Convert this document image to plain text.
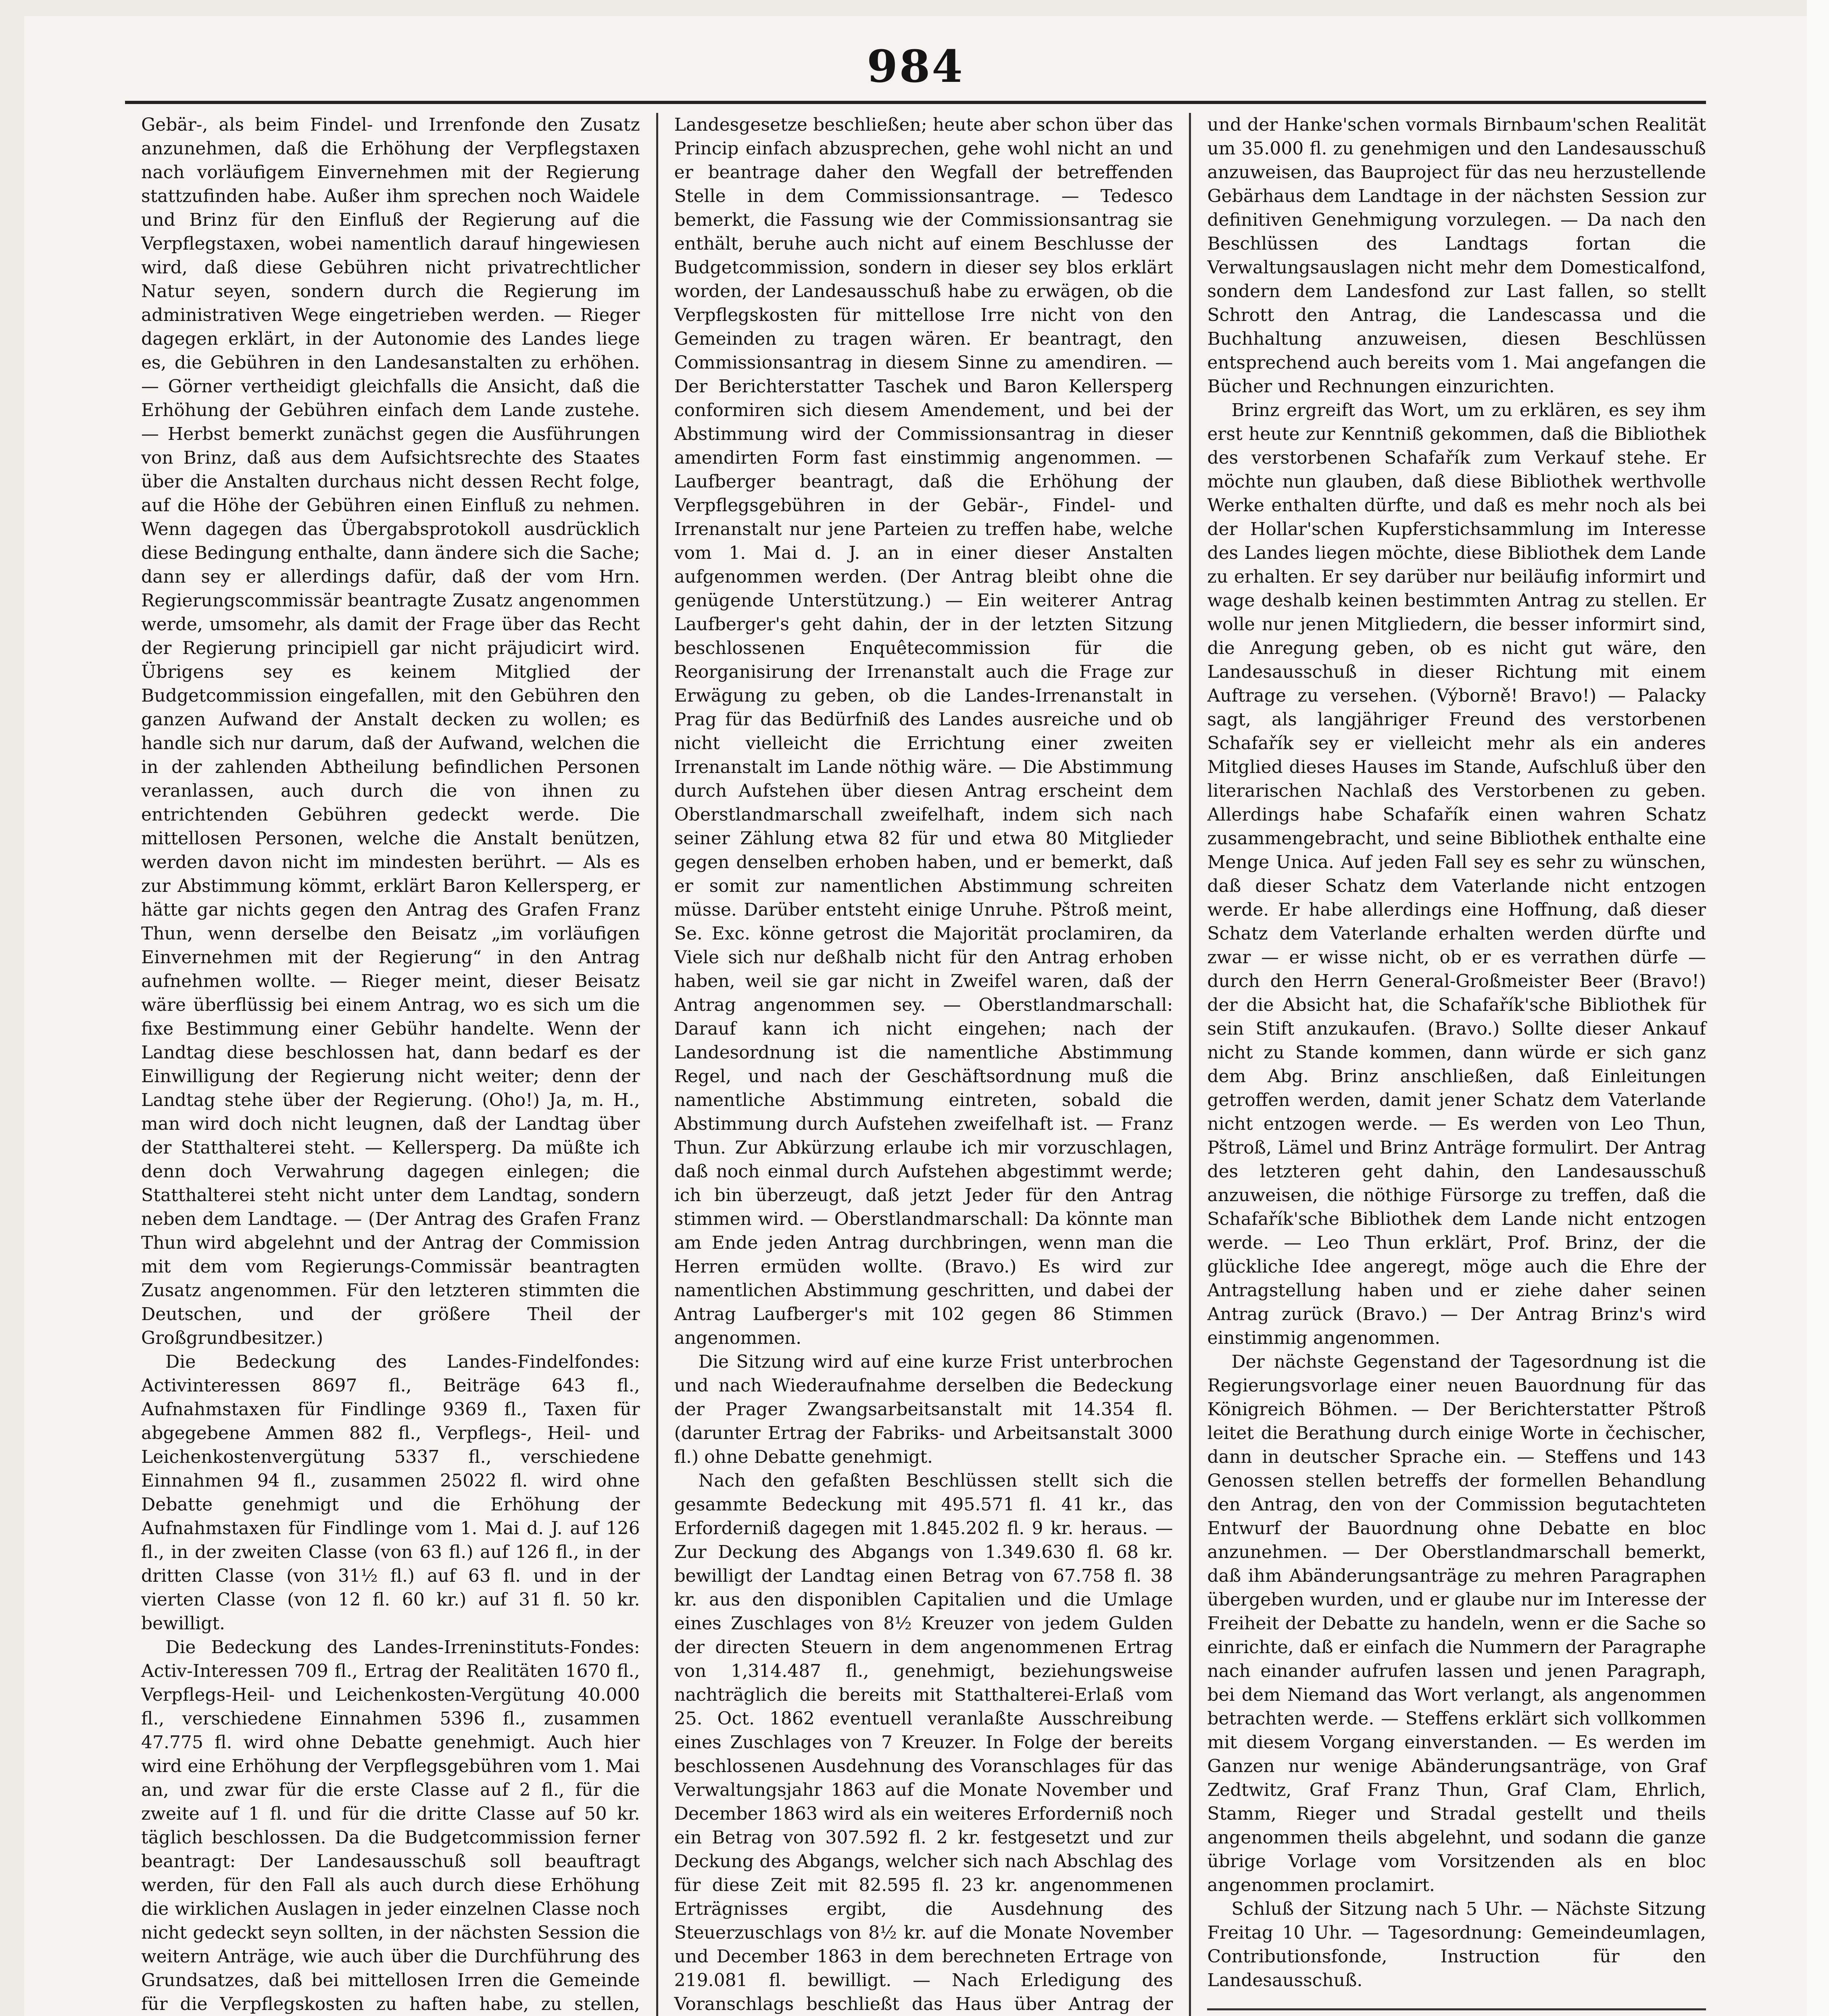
984

Gebär-, als beim Findel- und Irrenfonde den Zusatz anzunehmen, daß die Erhöhung der Verpflegstaxen nach vorläufigem Einvernehmen mit der Regierung stattzufinden habe. Außer ihm sprechen noch Waidele und Brinz für den Einfluß der Regierung auf die Verpflegstaxen, wobei namentlich darauf hingewiesen wird, daß diese Gebühren nicht privatrechtlicher Natur seyen, sondern durch die Regierung im administrativen Wege eingetrieben werden. — Rieger dagegen erklärt, in der Autonomie des Landes liege es, die Gebühren in den Landesanstalten zu erhöhen. — Görner vertheidigt gleichfalls die Ansicht, daß die Erhöhung der Gebühren einfach dem Lande zustehe. — Herbst bemerkt zunächst gegen die Ausführungen von Brinz, daß aus dem Aufsichtsrechte des Staates über die Anstalten durchaus nicht dessen Recht folge, auf die Höhe der Gebühren einen Einfluß zu nehmen. Wenn dagegen das Übergabsprotokoll ausdrücklich diese Bedingung enthalte, dann ändere sich die Sache; dann sey er allerdings dafür, daß der vom Hrn. Regierungscommissär beantragte Zusatz angenommen werde, umsomehr, als damit der Frage über das Recht der Regierung principiell gar nicht präjudicirt wird. Übrigens sey es keinem Mitglied der Budgetcommission eingefallen, mit den Gebühren den ganzen Aufwand der Anstalt decken zu wollen; es handle sich nur darum, daß der Aufwand, welchen die in der zahlenden Abtheilung befindlichen Personen veranlassen, auch durch die von ihnen zu entrichtenden Gebühren gedeckt werde. Die mittellosen Personen, welche die Anstalt benützen, werden davon nicht im mindesten berührt. — Als es zur Abstimmung kömmt, erklärt Baron Kellersperg, er hätte gar nichts gegen den Antrag des Grafen Franz Thun, wenn derselbe den Beisatz „im vorläufigen Einvernehmen mit der Regierung“ in den Antrag aufnehmen wollte. — Rieger meint, dieser Beisatz wäre überflüssig bei einem Antrag, wo es sich um die fixe Bestimmung einer Gebühr handelte. Wenn der Landtag diese beschlossen hat, dann bedarf es der Einwilligung der Regierung nicht weiter; denn der Landtag stehe über der Regierung. (Oho!) Ja, m. H., man wird doch nicht leugnen, daß der Landtag über der Statthalterei steht. — Kellersperg. Da müßte ich denn doch Verwahrung dagegen einlegen; die Statthalterei steht nicht unter dem Landtag, sondern neben dem Landtage. — (Der Antrag des Grafen Franz Thun wird abgelehnt und der Antrag der Commission mit dem vom Regierungs-Commissär beantragten Zusatz angenommen. Für den letzteren stimmten die Deutschen, und der größere Theil der Großgrundbesitzer.)

Die Bedeckung des Landes-Findelfondes: Activinteressen 8697 fl., Beiträge 643 fl., Aufnahmstaxen für Findlinge 9369 fl., Taxen für abgegebene Ammen 882 fl., Verpflegs-, Heil- und Leichenkostenvergütung 5337 fl., verschiedene Einnahmen 94 fl., zusammen 25022 fl. wird ohne Debatte genehmigt und die Erhöhung der Aufnahmstaxen für Findlinge vom 1. Mai d. J. auf 126 fl., in der zweiten Classe (von 63 fl.) auf 126 fl., in der dritten Classe (von 31½ fl.) auf 63 fl. und in der vierten Classe (von 12 fl. 60 kr.) auf 31 fl. 50 kr. bewilligt.

Die Bedeckung des Landes-Irreninstituts-Fondes: Activ-Interessen 709 fl., Ertrag der Realitäten 1670 fl., Verpflegs-Heil- und Leichenkosten-Vergütung 40.000 fl., verschiedene Einnahmen 5396 fl., zusammen 47.775 fl. wird ohne Debatte genehmigt. Auch hier wird eine Erhöhung der Verpflegsgebühren vom 1. Mai an, und zwar für die erste Classe auf 2 fl., für die zweite auf 1 fl. und für die dritte Classe auf 50 kr. täglich beschlossen. Da die Budgetcommission ferner beantragt: Der Landesausschuß soll beauftragt werden, für den Fall als auch durch diese Erhöhung die wirklichen Auslagen in jeder einzelnen Classe noch nicht gedeckt seyn sollten, in der nächsten Session die weitern Anträge, wie auch über die Durchführung des Grundsatzes, daß bei mittellosen Irren die Gemeinde für die Verpflegskosten zu haften habe, zu stellen,

Landesgesetze beschließen; heute aber schon über das Princip einfach abzusprechen, gehe wohl nicht an und er beantrage daher den Wegfall der betreffenden Stelle in dem Commissionsantrage. — Tedesco bemerkt, die Fassung wie der Commissionsantrag sie enthält, beruhe auch nicht auf einem Beschlusse der Budgetcommission, sondern in dieser sey blos erklärt worden, der Landesausschuß habe zu erwägen, ob die Verpflegskosten für mittellose Irre nicht von den Gemeinden zu tragen wären. Er beantragt, den Commissionsantrag in diesem Sinne zu amendiren. — Der Berichterstatter Taschek und Baron Kellersperg conformiren sich diesem Amendement, und bei der Abstimmung wird der Commissionsantrag in dieser amendirten Form fast einstimmig angenommen. — Laufberger beantragt, daß die Erhöhung der Verpflegsgebühren in der Gebär-, Findel- und Irrenanstalt nur jene Parteien zu treffen habe, welche vom 1. Mai d. J. an in einer dieser Anstalten aufgenommen werden. (Der Antrag bleibt ohne die genügende Unterstützung.) — Ein weiterer Antrag Laufberger's geht dahin, der in der letzten Sitzung beschlossenen Enquêtecommission für die Reorganisirung der Irrenanstalt auch die Frage zur Erwägung zu geben, ob die Landes-Irrenanstalt in Prag für das Bedürfniß des Landes ausreiche und ob nicht vielleicht die Errichtung einer zweiten Irrenanstalt im Lande nöthig wäre. — Die Abstimmung durch Aufstehen über diesen Antrag erscheint dem Oberstlandmarschall zweifelhaft, indem sich nach seiner Zählung etwa 82 für und etwa 80 Mitglieder gegen denselben erhoben haben, und er bemerkt, daß er somit zur namentlichen Abstimmung schreiten müsse. Darüber entsteht einige Unruhe. Pštroß meint, Se. Exc. könne getrost die Majorität proclamiren, da Viele sich nur deßhalb nicht für den Antrag erhoben haben, weil sie gar nicht in Zweifel waren, daß der Antrag angenommen sey. — Oberstlandmarschall: Darauf kann ich nicht eingehen; nach der Landesordnung ist die namentliche Abstimmung Regel, und nach der Geschäftsordnung muß die namentliche Abstimmung eintreten, sobald die Abstimmung durch Aufstehen zweifelhaft ist. — Franz Thun. Zur Abkürzung erlaube ich mir vorzuschlagen, daß noch einmal durch Aufstehen abgestimmt werde; ich bin überzeugt, daß jetzt Jeder für den Antrag stimmen wird. — Oberstlandmarschall: Da könnte man am Ende jeden Antrag durchbringen, wenn man die Herren ermüden wollte. (Bravo.) Es wird zur namentlichen Abstimmung geschritten, und dabei der Antrag Laufberger's mit 102 gegen 86 Stimmen angenommen.

Die Sitzung wird auf eine kurze Frist unterbrochen und nach Wiederaufnahme derselben die Bedeckung der Prager Zwangsarbeitsanstalt mit 14.354 fl. (darunter Ertrag der Fabriks- und Arbeitsanstalt 3000 fl.) ohne Debatte genehmigt.

Nach den gefaßten Beschlüssen stellt sich die gesammte Bedeckung mit 495.571 fl. 41 kr., das Erforderniß dagegen mit 1.845.202 fl. 9 kr. heraus. — Zur Deckung des Abgangs von 1.349.630 fl. 68 kr. bewilligt der Landtag einen Betrag von 67.758 fl. 38 kr. aus den disponiblen Capitalien und die Umlage eines Zuschlages von 8½ Kreuzer von jedem Gulden der directen Steuern in dem angenommenen Ertrag von 1,314.487 fl., genehmigt, beziehungsweise nachträglich die bereits mit Statthalterei-Erlaß vom 25. Oct. 1862 eventuell veranlaßte Ausschreibung eines Zuschlages von 7 Kreuzer. In Folge der bereits beschlossenen Ausdehnung des Voranschlages für das Verwaltungsjahr 1863 auf die Monate November und December 1863 wird als ein weiteres Erforderniß noch ein Betrag von 307.592 fl. 2 kr. festgesetzt und zur Deckung des Abgangs, welcher sich nach Abschlag des für diese Zeit mit 82.595 fl. 23 kr. angenommenen Erträgnisses ergibt, die Ausdehnung des Steuerzuschlags von 8½ kr. auf die Monate November und December 1863 in dem berechneten Ertrage von 219.081 fl. bewilligt. — Nach Erledigung des Voranschlags beschließt das Haus über Antrag der

und der Hanke'schen vormals Birnbaum'schen Realität um 35.000 fl. zu genehmigen und den Landesausschuß anzuweisen, das Bauproject für das neu herzustellende Gebärhaus dem Landtage in der nächsten Session zur definitiven Genehmigung vorzulegen. — Da nach den Beschlüssen des Landtags fortan die Verwaltungsauslagen nicht mehr dem Domesticalfond, sondern dem Landesfond zur Last fallen, so stellt Schrott den Antrag, die Landescassa und die Buchhaltung anzuweisen, diesen Beschlüssen entsprechend auch bereits vom 1. Mai angefangen die Bücher und Rechnungen einzurichten.

Brinz ergreift das Wort, um zu erklären, es sey ihm erst heute zur Kenntniß gekommen, daß die Bibliothek des verstorbenen Schafařík zum Verkauf stehe. Er möchte nun glauben, daß diese Bibliothek werthvolle Werke enthalten dürfte, und daß es mehr noch als bei der Hollar'schen Kupferstichsammlung im Interesse des Landes liegen möchte, diese Bibliothek dem Lande zu erhalten. Er sey darüber nur beiläufig informirt und wage deshalb keinen bestimmten Antrag zu stellen. Er wolle nur jenen Mitgliedern, die besser informirt sind, die Anregung geben, ob es nicht gut wäre, den Landesausschuß in dieser Richtung mit einem Auftrage zu versehen. (Výborně! Bravo!) — Palacky sagt, als langjähriger Freund des verstorbenen Schafařík sey er vielleicht mehr als ein anderes Mitglied dieses Hauses im Stande, Aufschluß über den literarischen Nachlaß des Verstorbenen zu geben. Allerdings habe Schafařík einen wahren Schatz zusammengebracht, und seine Bibliothek enthalte eine Menge Unica. Auf jeden Fall sey es sehr zu wünschen, daß dieser Schatz dem Vaterlande nicht entzogen werde. Er habe allerdings eine Hoffnung, daß dieser Schatz dem Vaterlande erhalten werden dürfte und zwar — er wisse nicht, ob er es verrathen dürfe — durch den Herrn General-Großmeister Beer (Bravo!) der die Absicht hat, die Schafařík'sche Bibliothek für sein Stift anzukaufen. (Bravo.) Sollte dieser Ankauf nicht zu Stande kommen, dann würde er sich ganz dem Abg. Brinz anschließen, daß Einleitungen getroffen werden, damit jener Schatz dem Vaterlande nicht entzogen werde. — Es werden von Leo Thun, Pštroß, Lämel und Brinz Anträge formulirt. Der Antrag des letzteren geht dahin, den Landesausschuß anzuweisen, die nöthige Fürsorge zu treffen, daß die Schafařík'sche Bibliothek dem Lande nicht entzogen werde. — Leo Thun erklärt, Prof. Brinz, der die glückliche Idee angeregt, möge auch die Ehre der Antragstellung haben und er ziehe daher seinen Antrag zurück (Bravo.) — Der Antrag Brinz's wird einstimmig angenommen.

Der nächste Gegenstand der Tagesordnung ist die Regierungsvorlage einer neuen Bauordnung für das Königreich Böhmen. — Der Berichterstatter Pštroß leitet die Berathung durch einige Worte in čechischer, dann in deutscher Sprache ein. — Steffens und 143 Genossen stellen betreffs der formellen Behandlung den Antrag, den von der Commission begutachteten Entwurf der Bauordnung ohne Debatte en bloc anzunehmen. — Der Oberstlandmarschall bemerkt, daß ihm Abänderungsanträge zu mehren Paragraphen übergeben wurden, und er glaube nur im Interesse der Freiheit der Debatte zu handeln, wenn er die Sache so einrichte, daß er einfach die Nummern der Paragraphe nach einander aufrufen lassen und jenen Paragraph, bei dem Niemand das Wort verlangt, als angenommen betrachten werde. — Steffens erklärt sich vollkommen mit diesem Vorgang einverstanden. — Es werden im Ganzen nur wenige Abänderungsanträge, von Graf Zedtwitz, Graf Franz Thun, Graf Clam, Ehrlich, Stamm, Rieger und Stradal gestellt und theils angenommen theils abgelehnt, und sodann die ganze übrige Vorlage vom Vorsitzenden als en bloc angenommen proclamirt.

Schluß der Sitzung nach 5 Uhr. — Nächste Sitzung Freitag 10 Uhr. — Tagesordnung: Gemeindeumlagen, Contributionsfonde, Instruction für den Landesausschuß.
